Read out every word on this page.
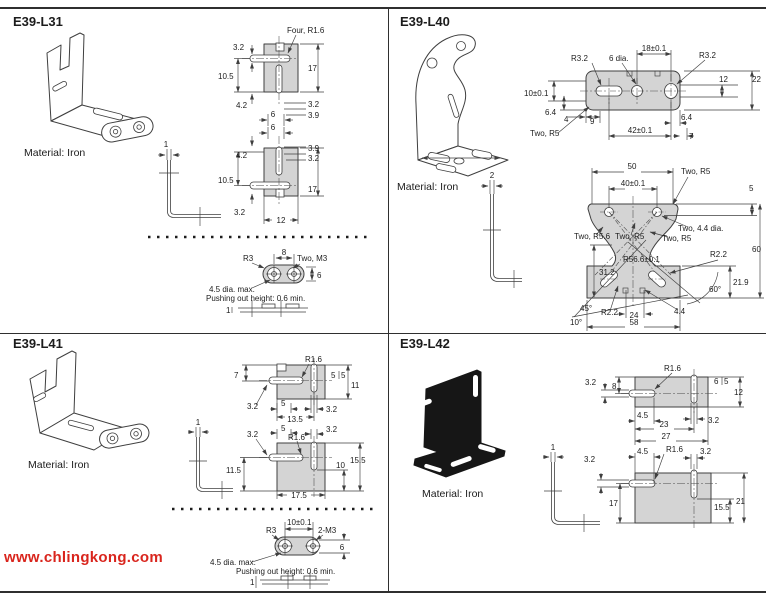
E39-L31
1
Four, R1.6
3.2
17
10.5
4.2	3.2
3.9
6
6
3.9
4.2	3.2
10.5
17
3.2
12
R3
8
Two, M3
6
4.5 dia. max.
Pushing out height: 0.6 min.
1
Material: Iron
E39-L40
2
R3.2	6 dia.
18±0.1
R3.2
10±0.1
6.4
4	9
Two, R5	42±0.1
6.4
7
12	22
50
40±0.1
Two, R5
5
Two, 4.4 dia.
Two, R5.6 Two, R5 Two, R5
60
R56.6±0.1
R2.2
31.2
21.9
60°
45° R2.2 24	4.4
10°	58
Material: Iron
E39-L41
1
R1.6
7	5 5
11
3.2	5
3.2
13.5
5	3.2
3.2	R1.6
11.5
10
15.5
17.5
R3
10±0.1
2-M3
6
4.5 dia. max.
Pushing out height: 0.6 min.
1
Material: Iron
E39-L42
1
3.2 8
R1.6
6 5
12
4.5
3.2
23
27
3.2
4.5 R1.6 3.2
17	15.5
21
Material: Iron
www.chlingkong.com
